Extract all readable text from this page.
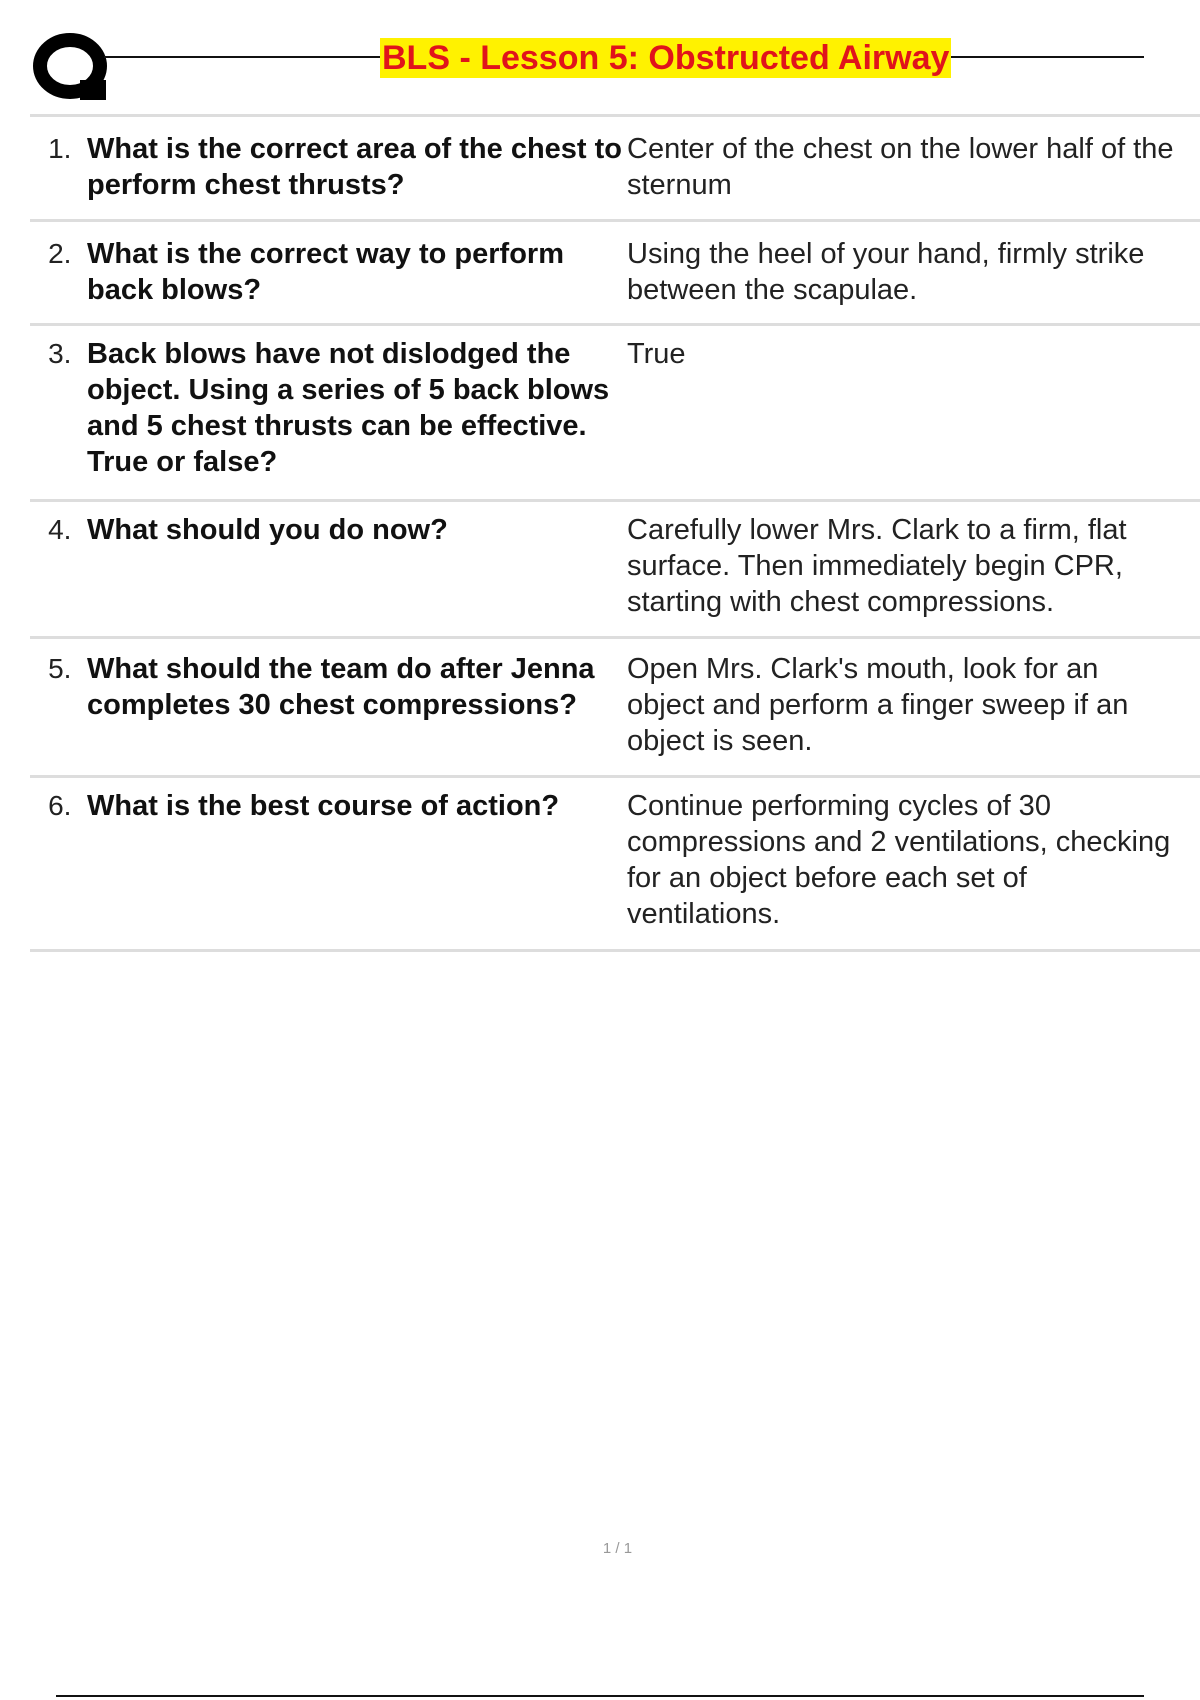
BLS - Lesson 5: Obstructed Airway
1. What is the correct area of the chest to perform chest thrusts?
Center of the chest on the lower half of the sternum
2. What is the correct way to perform back blows?
Using the heel of your hand, firmly strike between the scapulae.
3. Back blows have not dislodged the object. Using a series of 5 back blows and 5 chest thrusts can be effective. True or false?
True
4. What should you do now?	Carefully lower Mrs. Clark to a firm, flat surface. Then immediately begin CPR, starting with chest compressions.
5. What should the team do after Jenna completes 30 chest compressions?
Open Mrs. Clark's mouth, look for an object and perform a finger sweep if an object is seen.
6. What is the best course of action?	Continue performing cycles of 30 compressions and 2 ventilations, checking for an object before each set of ventilations.
1 / 1
